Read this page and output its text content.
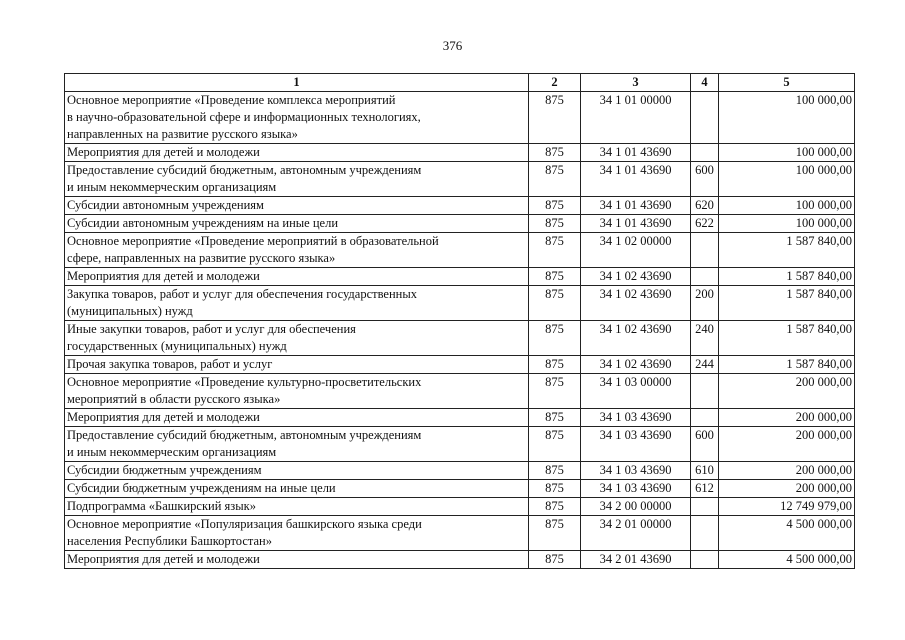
376
1	2	3	4	5
Основное мероприятие «Проведение комплекса мероприятий
в научно-образовательной сфере и информационных технологиях,
направленных на развитие русского языка»	875	34 1 01 00000		100 000,00
Мероприятия для детей и молодежи	875	34 1 01 43690		100 000,00
Предоставление субсидий бюджетным, автономным учреждениям
и иным некоммерческим организациям	875	34 1 01 43690	600	100 000,00
Субсидии автономным учреждениям	875	34 1 01 43690	620	100 000,00
Субсидии автономным учреждениям на иные цели	875	34 1 01 43690	622	100 000,00
Основное мероприятие «Проведение мероприятий в образовательной
сфере, направленных на развитие русского языка»	875	34 1 02 00000		1 587 840,00
Мероприятия для детей и молодежи	875	34 1 02 43690		1 587 840,00
Закупка товаров, работ и услуг для обеспечения государственных
(муниципальных) нужд	875	34 1 02 43690	200	1 587 840,00
Иные закупки товаров, работ и услуг для обеспечения
государственных (муниципальных) нужд	875	34 1 02 43690	240	1 587 840,00
Прочая закупка товаров, работ и услуг	875	34 1 02 43690	244	1 587 840,00
Основное мероприятие «Проведение культурно-просветительских
мероприятий в области русского языка»	875	34 1 03 00000		200 000,00
Мероприятия для детей и молодежи	875	34 1 03 43690		200 000,00
Предоставление субсидий бюджетным, автономным учреждениям
и иным некоммерческим организациям	875	34 1 03 43690	600	200 000,00
Субсидии бюджетным учреждениям	875	34 1 03 43690	610	200 000,00
Субсидии бюджетным учреждениям на иные цели	875	34 1 03 43690	612	200 000,00
Подпрограмма «Башкирский язык»	875	34 2 00 00000		12 749 979,00
Основное мероприятие «Популяризация башкирского языка среди
населения Республики Башкортостан»	875	34 2 01 00000		4 500 000,00
Мероприятия для детей и молодежи	875	34 2 01 43690		4 500 000,00
